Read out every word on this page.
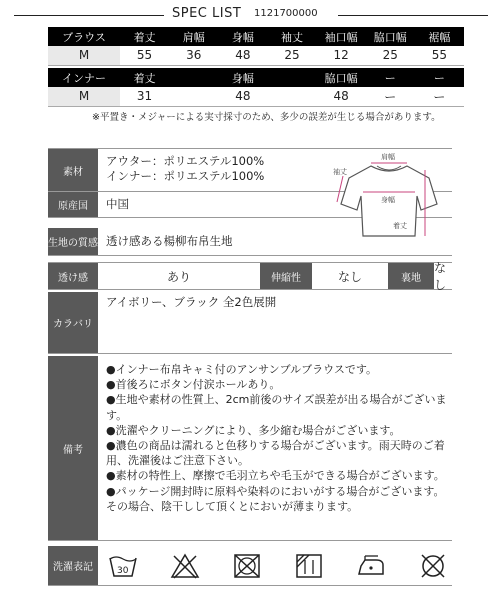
SPEC LIST 1121700000
ブラウス	着丈	肩幅	身幅	袖丈	袖口幅	脇口幅	裾幅
M	55	36	48	25	12	25	55
インナー	着丈		身幅		脇口幅	ー	ー
M	31		48		48	ー	ー
※平置き・メジャーによる実寸採寸のため、多少の誤差が生じる場合があります。
素材
アウター：ポリエステル100%
インナー：ポリエステル100%
原産国	中国
生地の質感 透け感ある楊柳布帛生地
肩幅
袖丈
身幅
着丈
透け感	あり	伸縮性	なし	裏地
なし
カラバリ
アイボリー、ブラック 全2色展開
備考

●インナー布帛キャミ付のアンサンブルブラウスです。

●首後ろにボタン付涙ホールあり。

●生地や素材の性質上、2cm前後のサイズ誤差が出る場合がございます。

●洗濯やクリーニングにより、多少縮む場合がございます。

●濃色の商品は濡れると色移りする場合がございます。雨天時のご着用、洗濯後はご注意下さい。

●素材の特性上、摩擦で毛羽立ちや毛玉ができる場合がございます。

●パッケージ開封時に原料や染料のにおいがする場合がございます。その場合、陰干しして頂くとにおいが薄まります。

洗濯表記	30
